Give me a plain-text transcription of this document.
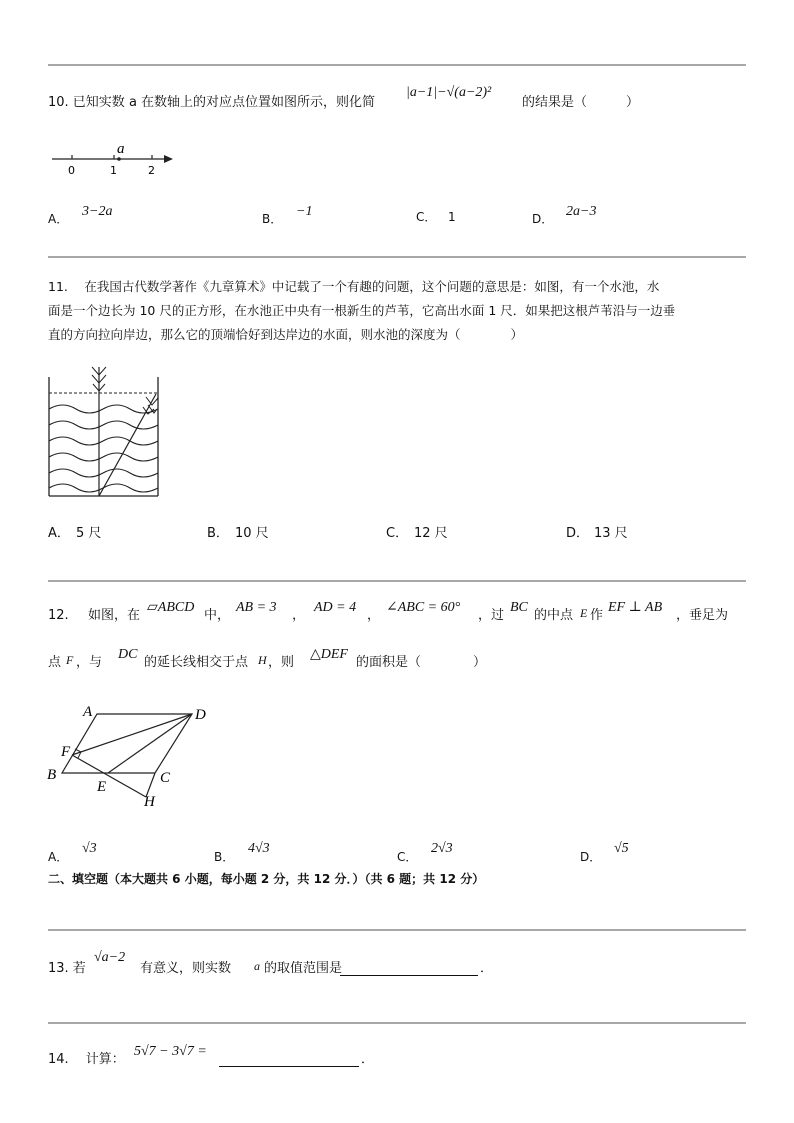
10. 已知实数 a 在数轴上的对应点位置如图所示，则化简
|a−1|−√(a−2)²
的结果是（　　　）
a
0	1	2
A． 3−2a	B． −1	C． 1	D． 2a−3
11.　 在我国古代数学著作《九章算术》中记载了一个有趣的问题，这个问题的意思是：如图，有一个水池，水
面是一个边长为 10 尺的正方形，在水池正中央有一根新生的芦苇，它高出水面 1 尺．如果把这根芦苇沿与一边垂
直的方向拉向岸边，那么它的顶端恰好到达岸边的水面，则水池的深度为（　　　　）
A． 5 尺	B． 10 尺	C． 12 尺	D． 13 尺
12. 如图，在
▱ABCD
中，
AB = 3
，
AD = 4
，
∠ABC = 60°
，过
BC
的中点 E 作
EF ⊥ AB
，垂足为
点 F ，与
DC
的延长线相交于点 H ，则
△DEF
的面积是（　　　　）
A	D
F
B	C
E
H
A．
√3
B．
4√3
C．
2√3
D．
√5
二、填空题（本大题共 6 小题，每小题 2 分，共 12 分．）（共 6 题；共 12 分）
13. 若
√a−2
有意义，则实数 a 的取值范围是	．
14.　 计算：
5√7 − 3√7 =
．
